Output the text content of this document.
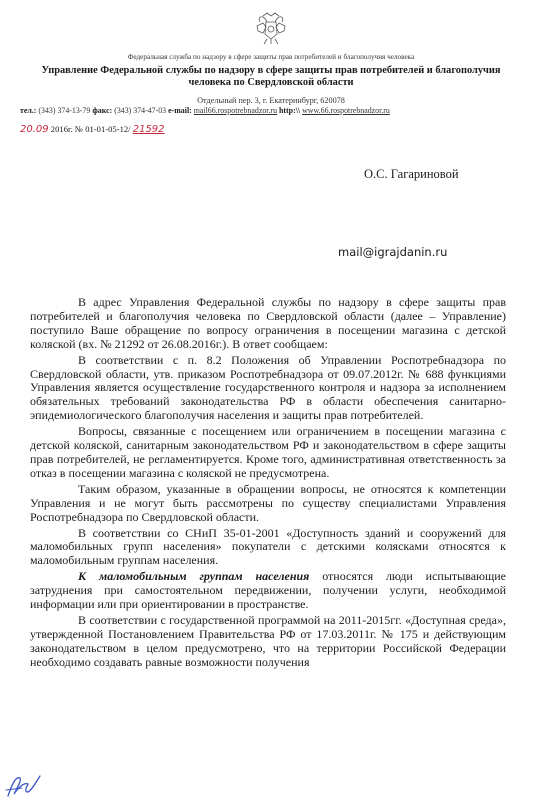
Федеральная служба по надзору в сфере защиты прав потребителей и благополучия человека
Управление Федеральной службы по надзору в сфере защиты прав потребителей и благополучия
человека по Свердловской области
Отдельный пер. 3, г. Екатеринбург, 620078
тел.: (343) 374-13-79 факс: (343) 374-47-03 e-mail: mail66.rospotrebnadzor.ru http:\\ www.66.rospotrebnadzor.ru
20.09 2016г. № 01-01-05-12/ 21592
О.С. Гагариновой
mail@igrajdanin.ru

В адрес Управления Федеральной службы по надзору в сфере защиты прав потребителей и благополучия человека по Свердловской области (далее – Управление) поступило Ваше обращение по вопросу ограничения в посещении магазина с детской коляской (вх. № 21292 от 26.08.2016г.). В ответ сообщаем:

В соответствии с п. 8.2 Положения об Управлении Роспотребнадзора по Свердловской области, утв. приказом Роспотребнадзора от 09.07.2012г. № 688 функциями Управления является осуществление государственного контроля и надзора за исполнением обязательных требований законодательства РФ в области обеспечения санитарно-эпидемиологического благополучия населения и защиты прав потребителей.

Вопросы, связанные с посещением или ограничением в посещении магазина с детской коляской, санитарным законодательством РФ и законодательством в сфере защиты прав потребителей, не регламентируется. Кроме того, административная ответственность за отказ в посещении магазина с коляской не предусмотрена.

Таким образом, указанные в обращении вопросы, не относятся к компетенции Управления и не могут быть рассмотрены по существу специалистами Управления Роспотребнадзора по Свердловской области.

В соответствии со СНиП 35-01-2001 «Доступность зданий и сооружений для маломобильных групп населения» покупатели с детскими колясками относятся к маломобильным группам населения.

К маломобильным группам населения относятся люди испытывающие затруднения при самостоятельном передвижении, получении услуги, необходимой информации или при ориентировании в пространстве.

В соответствии с государственной программой на 2011-2015гг. «Доступная среда», утвержденной Постановлением Правительства РФ от 17.03.2011г. № 175 и действующим законодательством в целом предусмотрено, что на территории Российской Федерации необходимо создавать равные возможности получения
